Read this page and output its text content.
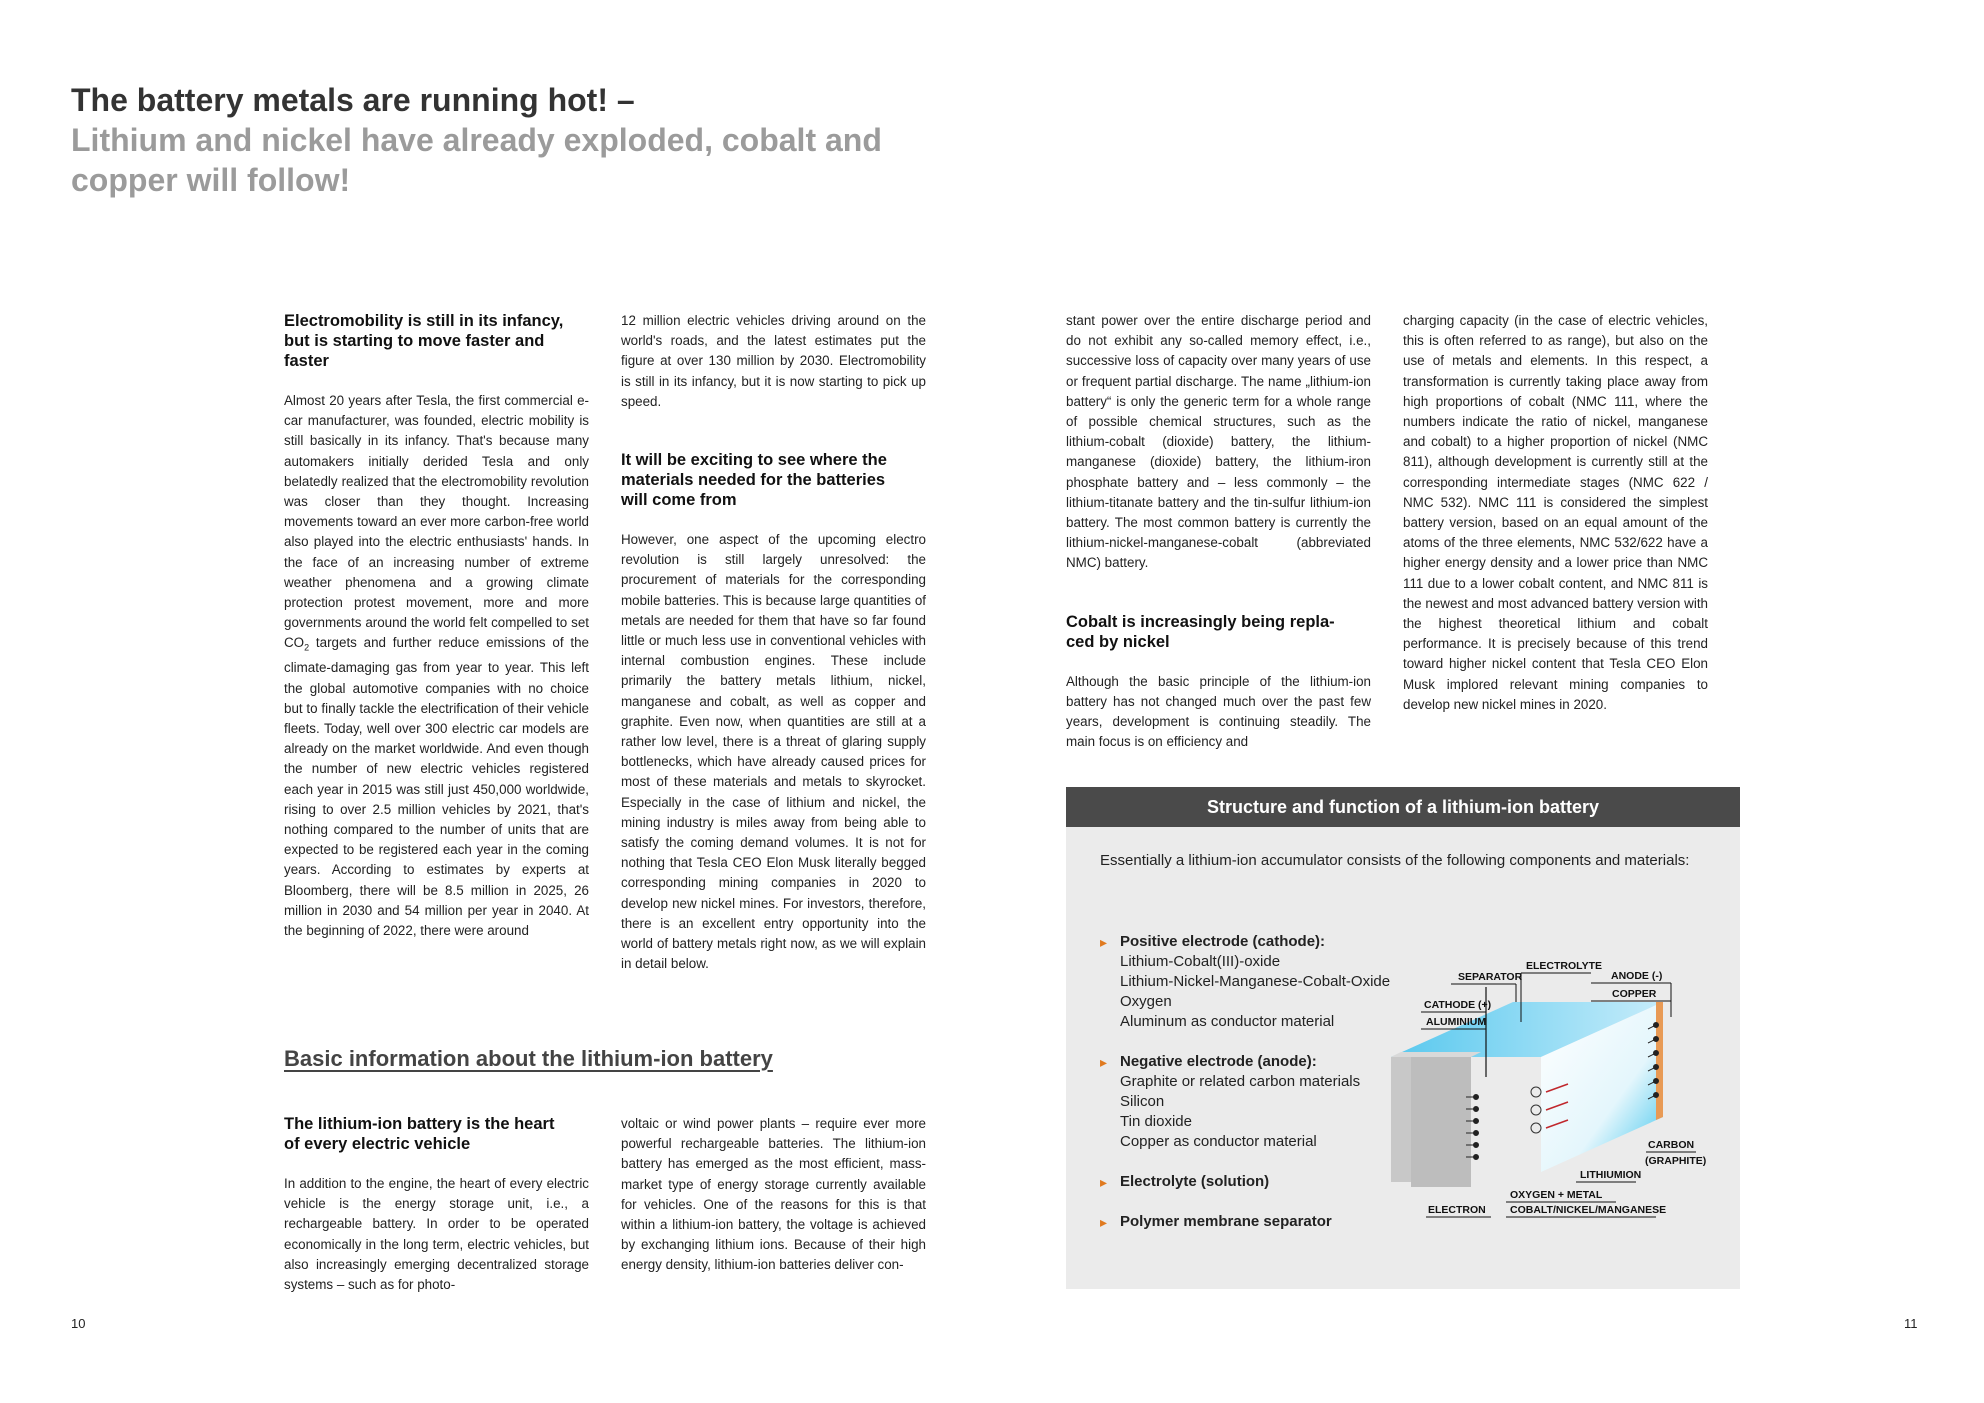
The battery metals are running hot! –

Lithium and nickel have already exploded, cobalt and

copper will follow!

Electromobility is still in its infancy,
but is starting to move faster and
faster

Almost 20 years after Tesla, the first commercial e-car manufacturer, was founded, electric mobility is still basically in its infancy. That's because many automakers initially derided Tesla and only belatedly realized that the electromobility revolution was closer than they thought. Increasing movements toward an ever more carbon-free world also played into the electric enthusiasts' hands. In the face of an increasing number of extreme weather phenomena and a growing climate protection protest movement, more and more governments around the world felt compelled to set $CO_2$ targets and further reduce emissions of the climate-damaging gas from year to year. This left the global automotive companies with no choice but to finally tackle the electrification of their vehicle fleets. Today, well over 300 electric car models are already on the market worldwide. And even though the number of new electric vehicles registered each year in 2015 was still just 450,000 worldwide, rising to over 2.5 million vehicles by 2021, that's nothing compared to the number of units that are expected to be registered each year in the coming years. According to estimates by experts at Bloomberg, there will be 8.5 million in 2025, 26 million in 2030 and 54 million per year in 2040. At the beginning of 2022, there were around

12 million electric vehicles driving around on the world's roads, and the latest estimates put the figure at over 130 million by 2030. Electromobility is still in its infancy, but it is now starting to pick up speed.

It will be exciting to see where the
materials needed for the batteries
will come from

However, one aspect of the upcoming electro revolution is still largely unresolved: the procurement of materials for the corresponding mobile batteries. This is because large quantities of metals are needed for them that have so far found little or much less use in conventional vehicles with internal combustion engines. These include primarily the battery metals lithium, nickel, manganese and cobalt, as well as copper and graphite. Even now, when quantities are still at a rather low level, there is a threat of glaring supply bottlenecks, which have already caused prices for most of these materials and metals to skyrocket. Especially in the case of lithium and nickel, the mining industry is miles away from being able to satisfy the coming demand volumes. It is not for nothing that Tesla CEO Elon Musk literally begged corresponding mining companies in 2020 to develop new nickel mines. For investors, therefore, there is an excellent entry opportunity into the world of battery metals right now, as we will explain in detail below.

Basic information about the lithium-ion battery
The lithium-ion battery is the heart
of every electric vehicle

In addition to the engine, the heart of every electric vehicle is the energy storage unit, i.e., a rechargeable battery. In order to be operated economically in the long term, electric vehicles, but also increasingly emerging decentralized storage systems – such as for photo-

voltaic or wind power plants – require ever more powerful rechargeable batteries. The lithium-ion battery has emerged as the most efficient, mass-market type of energy storage currently available for vehicles. One of the reasons for this is that within a lithium-ion battery, the voltage is achieved by exchanging lithium ions. Because of their high energy density, lithium-ion batteries deliver con-

stant power over the entire discharge period and do not exhibit any so-called memory effect, i.e., successive loss of capacity over many years of use or frequent partial discharge. The name „lithium-ion battery“ is only the generic term for a whole range of possible chemical structures, such as the lithium-cobalt (dioxide) battery, the lithium-manganese (dioxide) battery, the lithium-iron phosphate battery and – less commonly – the lithium-titanate battery and the tin-sulfur lithium-ion battery. The most common battery is currently the lithium-nickel-manganese-cobalt (abbreviated NMC) battery.

Cobalt is increasingly being repla-
ced by nickel

Although the basic principle of the lithium-ion battery has not changed much over the past few years, development is continuing steadily. The main focus is on efficiency and

charging capacity (in the case of electric vehicles, this is often referred to as range), but also on the use of metals and elements. In this respect, a transformation is currently taking place away from high proportions of cobalt (NMC 111, where the numbers indicate the ratio of nickel, manganese and cobalt) to a higher proportion of nickel (NMC 811), although development is currently still at the corresponding intermediate stages (NMC 622 / NMC 532). NMC 111 is considered the simplest battery version, based on an equal amount of the atoms of the three elements, NMC 532/622 have a higher energy density and a lower price than NMC 111 due to a lower cobalt content, and NMC 811 is the newest and most advanced battery version with the highest theoretical lithium and cobalt performance. It is precisely because of this trend toward higher nickel content that Tesla CEO Elon Musk implored relevant mining companies to develop new nickel mines in 2020.

Structure and function of a lithium-ion battery

Essentially a lithium-ion accumulator consists of the following components and materials:

▸ Positive electrode (cathode):
Lithium-Cobalt(III)-oxide
Lithium-Nickel-Manganese-Cobalt-Oxide
Oxygen
Aluminum as conductor material
▸ Negative electrode (anode):
Graphite or related carbon materials
Silicon
Tin dioxide
Copper as conductor material
▸ Electrolyte (solution)
▸ Polymer membrane separator
SEPARATOR
ELECTROLYTE
ANODE (-)
COPPER
CATHODE (+)
ALUMINIUM
CARBON
(GRAPHITE)
LITHIUMION
OXYGEN + METAL
COBALT/NICKEL/MANGANESE
ELECTRON
10	11
